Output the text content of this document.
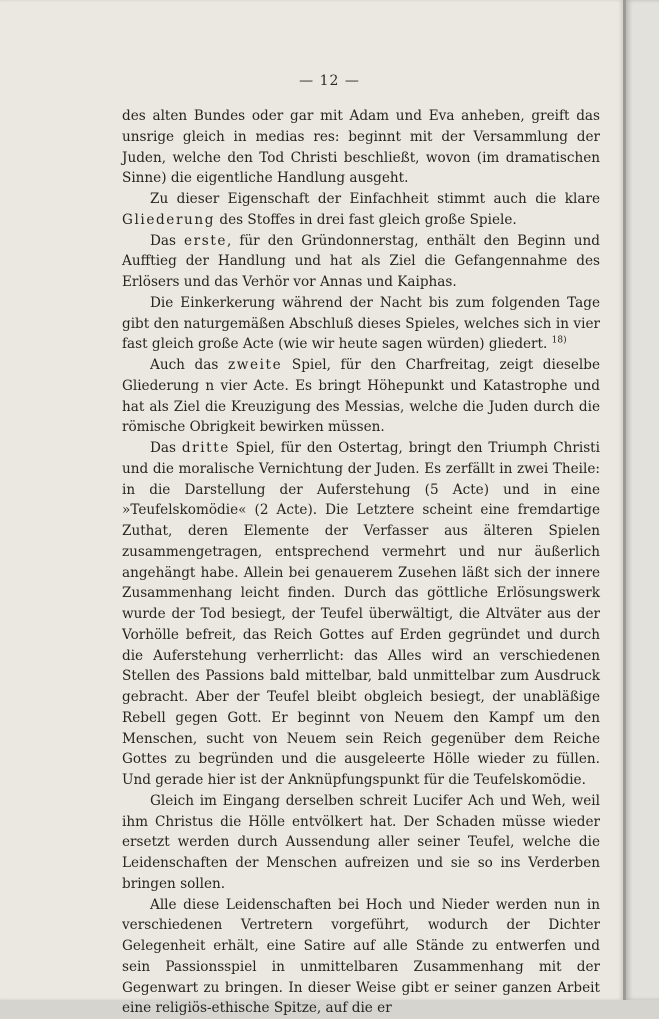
— 12 —

des alten Bundes oder gar mit Adam und Eva anheben, greift das unsrige gleich in medias res: beginnt mit der Versammlung der Juden, welche den Tod Christi beschließt, wovon (im dramatischen Sinne) die eigentliche Handlung ausgeht.

Zu dieser Eigenschaft der Einfachheit stimmt auch die klare Gliederung des Stoffes in drei fast gleich große Spiele.

Das erste, für den Gründonnerstag, enthält den Beginn und Aufftieg der Handlung und hat als Ziel die Gefangennahme des Erlösers und das Verhör vor Annas und Kaiphas.

Die Einkerkerung während der Nacht bis zum folgenden Tage gibt den naturgemäßen Abschluß dieses Spieles, welches sich in vier fast gleich große Acte (wie wir heute sagen würden) gliedert. $^{18)}$

Auch das zweite Spiel, für den Charfreitag, zeigt dieselbe Gliederung n vier Acte. Es bringt Höhepunkt und Katastrophe und hat als Ziel die Kreuzigung des Messias, welche die Juden durch die römische Obrigkeit bewirken müssen.

Das dritte Spiel, für den Ostertag, bringt den Triumph Christi und die moralische Vernichtung der Juden. Es zerfällt in zwei Theile: in die Darstellung der Auferstehung (5 Acte) und in eine »Teufelskomödie« (2 Acte). Die Letztere scheint eine fremdartige Zuthat, deren Elemente der Verfasser aus älteren Spielen zusammengetragen, entsprechend vermehrt und nur äußerlich angehängt habe. Allein bei genauerem Zusehen läßt sich der innere Zusammenhang leicht finden. Durch das göttliche Erlösungswerk wurde der Tod besiegt, der Teufel überwältigt, die Altväter aus der Vorhölle befreit, das Reich Gottes auf Erden gegründet und durch die Auferstehung verherrlicht: das Alles wird an verschiedenen Stellen des Passions bald mittelbar, bald unmittelbar zum Ausdruck gebracht. Aber der Teufel bleibt obgleich besiegt, der unabläßige Rebell gegen Gott. Er beginnt von Neuem den Kampf um den Menschen, sucht von Neuem sein Reich gegenüber dem Reiche Gottes zu begründen und die ausgeleerte Hölle wieder zu füllen. Und gerade hier ist der Anknüpfungspunkt für die Teufelskomödie.

Gleich im Eingang derselben schreit Lucifer Ach und Weh, weil ihm Christus die Hölle entvölkert hat. Der Schaden müsse wieder ersetzt werden durch Aussendung aller seiner Teufel, welche die Leidenschaften der Menschen aufreizen und sie so ins Verderben bringen sollen.

Alle diese Leidenschaften bei Hoch und Nieder werden nun in verschiedenen Vertretern vorgeführt, wodurch der Dichter Gelegenheit erhält, eine Satire auf alle Stände zu entwerfen und sein Passionsspiel in unmittelbaren Zusammenhang mit der Gegenwart zu bringen. In dieser Weise gibt er seiner ganzen Arbeit eine religiös-ethische Spitze, auf die er
